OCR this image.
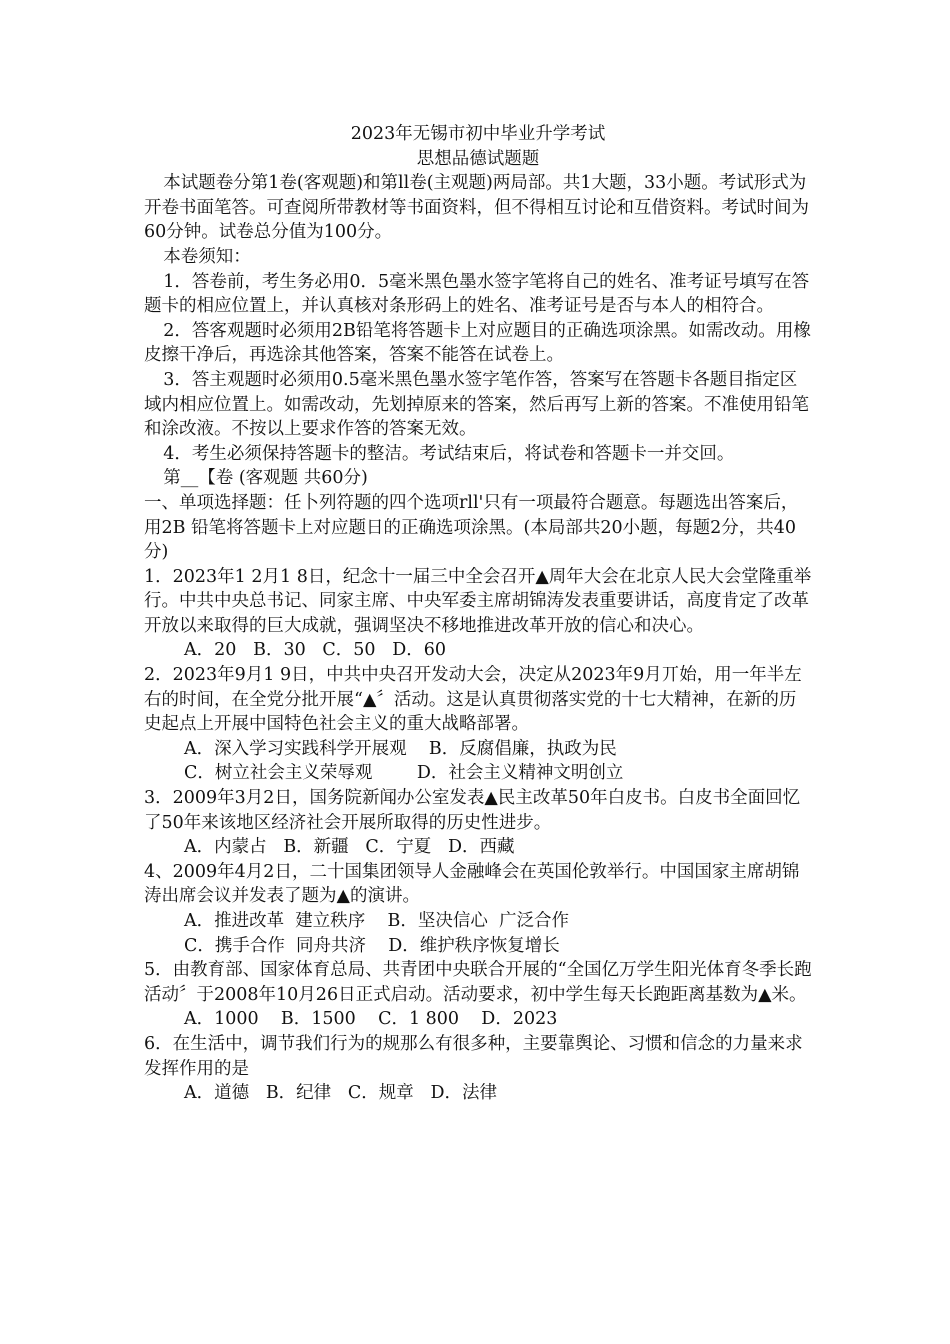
2023年无锡市初中毕业升学考试

思想品德试题题

本试题卷分第1卷(客观题)和第ll卷(主观题)两局部。共1大题，33小题。考试形式为开卷书面笔答。可查阅所带教材等书面资料，但不得相互讨论和互借资料。考试时间为60分钟。试卷总分值为100分。

本卷须知：

1．答卷前，考生务必用0．5毫米黑色墨水签字笔将自己的姓名、准考证号填写在答题卡的相应位置上，并认真核对条形码上的姓名、准考证号是否与本人的相符合。

2．答客观题时必须用2B铅笔将答题卡上对应题目的正确选项涂黑。如需改动。用橡皮擦干净后，再选涂其他答案，答案不能答在试卷上。

3．答主观题时必须用0.5毫米黑色墨水签字笔作答，答案写在答题卡各题目指定区域内相应位置上。如需改动，先划掉原来的答案，然后再写上新的答案。不准使用铅笔和涂改液。不按以上要求作答的答案无效。

4．考生必须保持答题卡的整洁。考试结束后，将试卷和答题卡一并交回。

第__【卷 (客观题 共60分)

一、单项选择题：任卜列符题的四个选项rll'只有一项最符合题意。每题选出答案后，用2B 铅笔将答题卡上对应题日的正确选项涂黑。(本局部共20小题，每题2分，共40分)

1．2023年1 2月1 8日，纪念十一届三中全会召开▲周年大会在北京人民大会堂隆重举行。中共中央总书记、同家主席、中央军委主席胡锦涛发表重要讲话，高度肯定了改革开放以来取得的巨大成就，强调坚决不移地推进改革开放的信心和决心。

A．20   B．30   C．50   D．60

2．2023年9月1 9日，中共中央召开发动大会，决定从2023年9月丌始，用一年半左右的时间，在全党分批开展“▲〞活动。这是认真贯彻落实党的十七大精神，在新的历史起点上开展中国特色社会主义的重大战略部署。

A．深入学习实践科学开展观    B．反腐倡廉，执政为民

C．树立社会主义荣辱观        D．社会主义精神文明创立

3．2009年3月2日，国务院新闻办公室发表▲民主改革50年白皮书。白皮书全面回忆了50年来该地区经济社会开展所取得的历史性进步。

A．内蒙占   B．新疆   C．宁夏   D．西藏

4、2009年4月2日，二十国集团领导人金融峰会在英国伦敦举行。中国国家主席胡锦涛出席会议并发表了题为▲的演讲。

A．推进改革  建立秩序    B．坚决信心  广泛合作

C．携手合作  同舟共济    D．维护秩序恢复增长

5．由教育部、国家体育总局、共青团中央联合开展的“全国亿万学生阳光体育冬季长跑活动〞于2008年10月26日正式启动。活动要求，初中学生每天长跑距离基数为▲米。

A．1000    B．1500    C．1 800    D．2023

6．在生活中，调节我们行为的规那么有很多种，主要靠舆论、习惯和信念的力量来求发挥作用的是

A．道德   B．纪律   C．规章   D．法律
